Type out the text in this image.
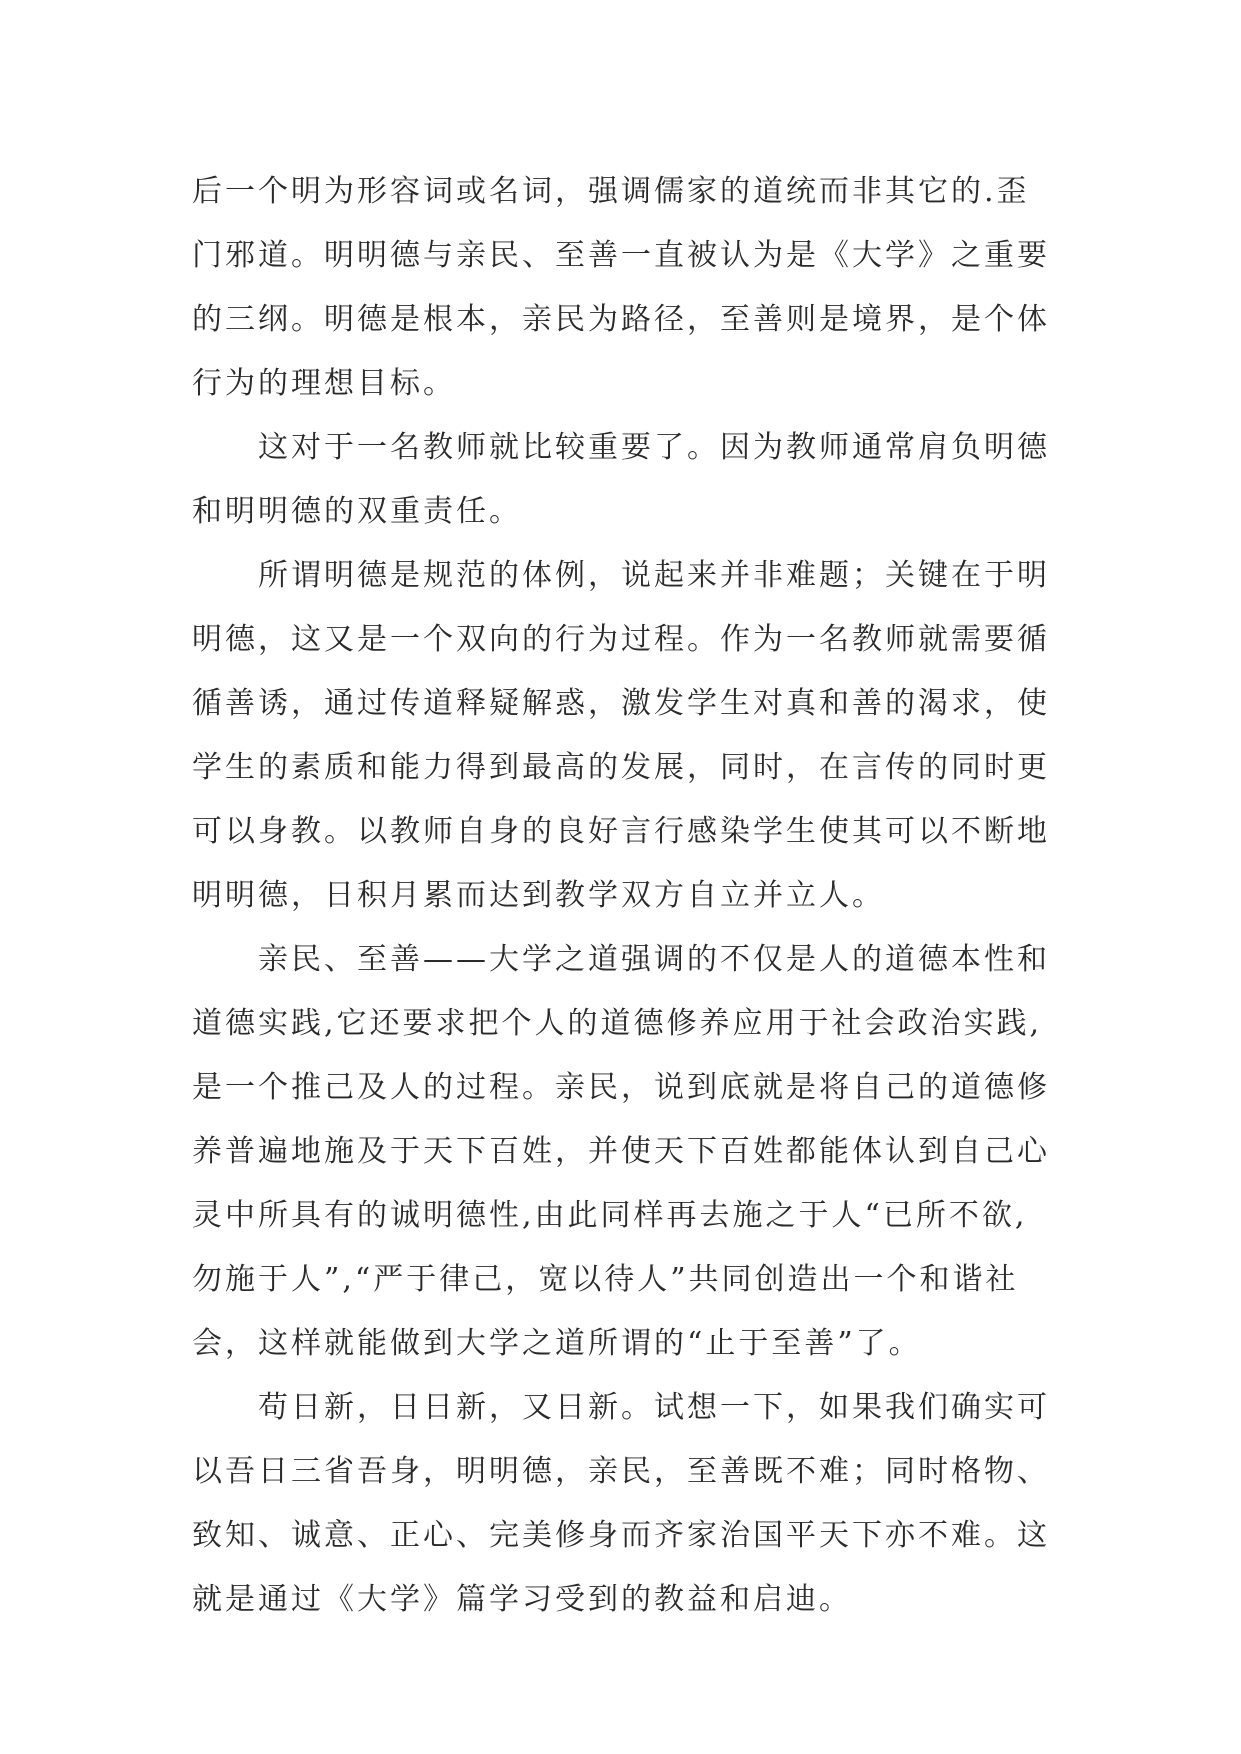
后一个明为形容词或名词，强调儒家的道统而非其它的.歪
门邪道。明明德与亲民、至善一直被认为是《大学》之重要
的三纲。明德是根本，亲民为路径，至善则是境界，是个体
行为的理想目标。
　　这对于一名教师就比较重要了。因为教师通常肩负明德
和明明德的双重责任。
　　所谓明德是规范的体例，说起来并非难题；关键在于明
明德，这又是一个双向的行为过程。作为一名教师就需要循
循善诱，通过传道释疑解惑，激发学生对真和善的渴求，使
学生的素质和能力得到最高的发展，同时，在言传的同时更
可以身教。以教师自身的良好言行感染学生使其可以不断地
明明德，日积月累而达到教学双方自立并立人。
　　亲民、至善——大学之道强调的不仅是人的道德本性和
道德实践,它还要求把个人的道德修养应用于社会政治实践,
是一个推己及人的过程。亲民，说到底就是将自己的道德修
养普遍地施及于天下百姓，并使天下百姓都能体认到自己心
灵中所具有的诚明德性,由此同样再去施之于人“已所不欲,
勿施于人”,“严于律己，宽以待人”共同创造出一个和谐社
会，这样就能做到大学之道所谓的“止于至善”了。
　　苟日新，日日新，又日新。试想一下，如果我们确实可
以吾日三省吾身，明明德，亲民，至善既不难；同时格物、
致知、诚意、正心、完美修身而齐家治国平天下亦不难。这
就是通过《大学》篇学习受到的教益和启迪。
